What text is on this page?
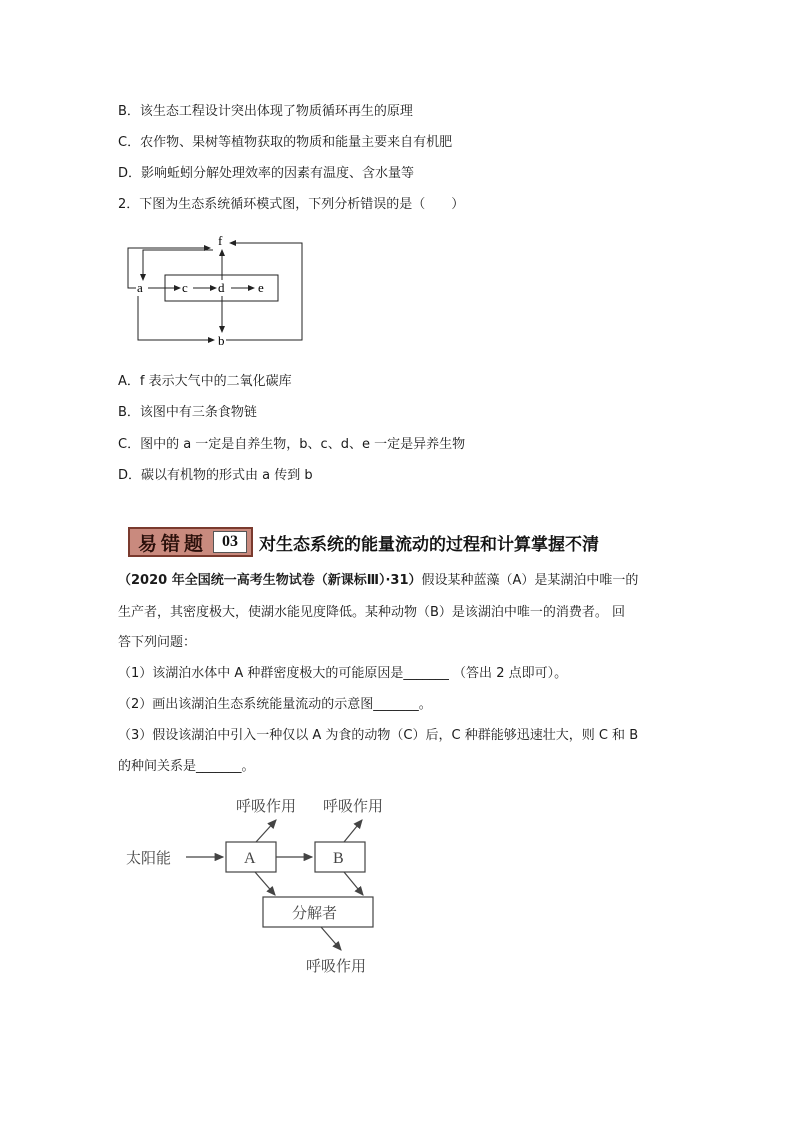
B．该生态工程设计突出体现了物质循环再生的原理
C．农作物、果树等植物获取的物质和能量主要来自有机肥
D．影响蚯蚓分解处理效率的因素有温度、含水量等
2．下图为生态系统循环模式图，下列分析错误的是（　　）
f
a	c d	e
b
A．f 表示大气中的二氧化碳库
B．该图中有三条食物链
C．图中的 a 一定是自养生物，b、c、d、e 一定是异养生物
D．碳以有机物的形式由 a 传到 b
易错题 03	对生态系统的能量流动的过程和计算掌握不清
（2020 年全国统一高考生物试卷（新课标Ⅲ）·31）假设某种蓝藻（A）是某湖泊中唯一的
生产者，其密度极大，使湖水能见度降低。某种动物（B）是该湖泊中唯一的消费者。 回
答下列问题：
（1）该湖泊水体中 A 种群密度极大的可能原因是_______ （答出 2 点即可）。
（2）画出该湖泊生态系统能量流动的示意图_______。
（3）假设该湖泊中引入一种仅以 A 为食的动物（C）后，C 种群能够迅速壮大，则 C 和 B
的种间关系是_______。
呼吸作用 呼吸作用
太阳能	A	B
分解者
呼吸作用
